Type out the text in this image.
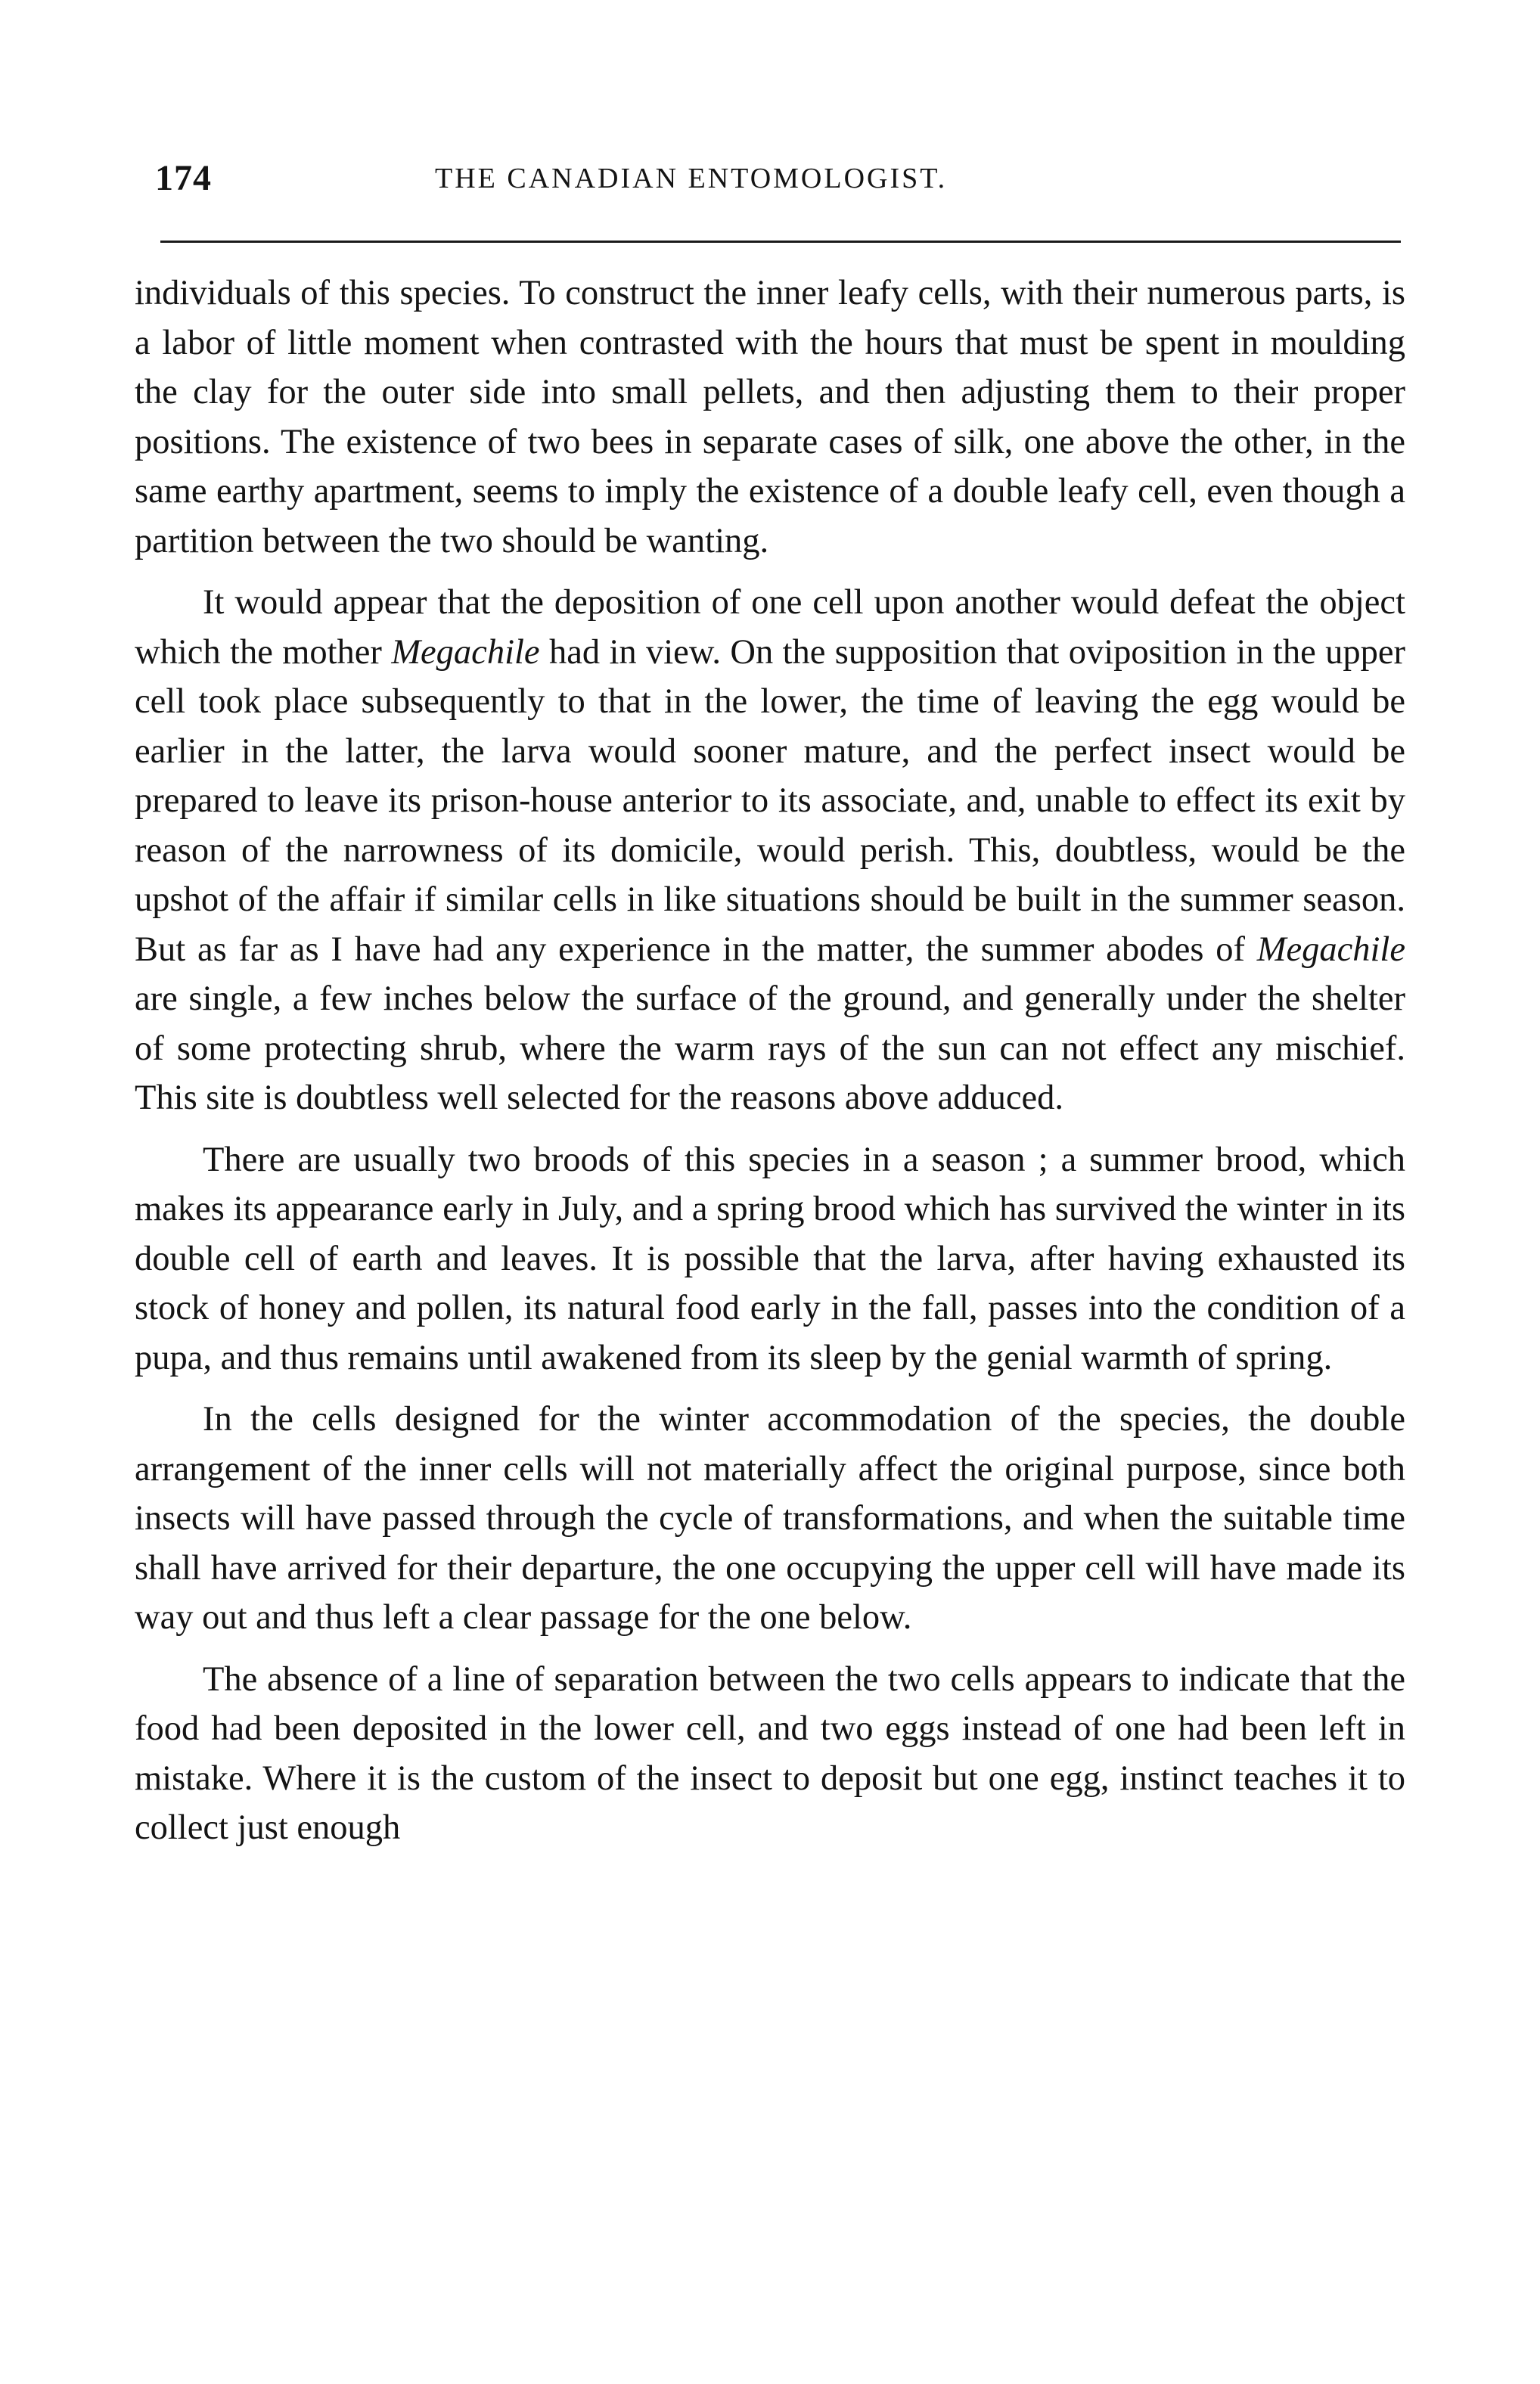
174	THE CANADIAN ENTOMOLOGIST.

individuals of this species. To construct the inner leafy cells, with their numerous parts, is a labor of little moment when contrasted with the hours that must be spent in moulding the clay for the outer side into small pellets, and then adjusting them to their proper positions. The existence of two bees in separate cases of silk, one above the other, in the same earthy apartment, seems to imply the existence of a double leafy cell, even though a partition between the two should be wanting.

It would appear that the deposition of one cell upon another would defeat the object which the mother Megachile had in view. On the supposition that oviposition in the upper cell took place subsequently to that in the lower, the time of leaving the egg would be earlier in the latter, the larva would sooner mature, and the perfect insect would be prepared to leave its prison-house anterior to its associate, and, unable to effect its exit by reason of the narrowness of its domicile, would perish. This, doubtless, would be the upshot of the affair if similar cells in like situations should be built in the summer season. But as far as I have had any experience in the matter, the summer abodes of Megachile are single, a few inches below the surface of the ground, and generally under the shelter of some protecting shrub, where the warm rays of the sun can not effect any mischief. This site is doubtless well selected for the reasons above adduced.

There are usually two broods of this species in a season ; a summer brood, which makes its appearance early in July, and a spring brood which has survived the winter in its double cell of earth and leaves. It is possible that the larva, after having exhausted its stock of honey and pollen, its natural food early in the fall, passes into the condition of a pupa, and thus remains until awakened from its sleep by the genial warmth of spring.

In the cells designed for the winter accommodation of the species, the double arrangement of the inner cells will not materially affect the original purpose, since both insects will have passed through the cycle of transformations, and when the suitable time shall have arrived for their departure, the one occupying the upper cell will have made its way out and thus left a clear passage for the one below.

The absence of a line of separation between the two cells appears to indicate that the food had been deposited in the lower cell, and two eggs instead of one had been left in mistake. Where it is the custom of the insect to deposit but one egg, instinct teaches it to collect just enough
